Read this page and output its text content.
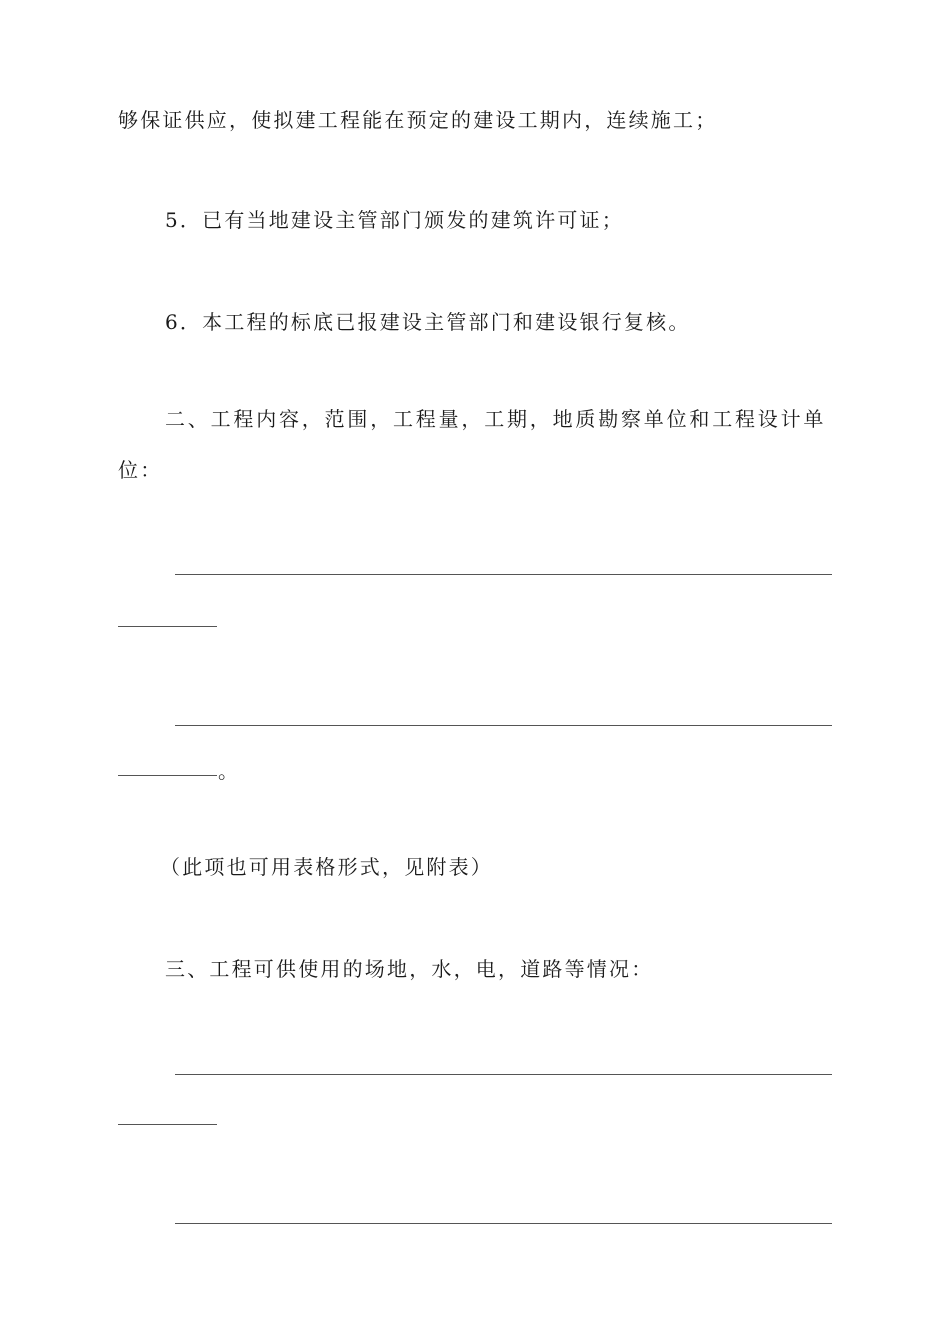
够保证供应，使拟建工程能在预定的建设工期内，连续施工；
5．已有当地建设主管部门颁发的建筑许可证；
6．本工程的标底已报建设主管部门和建设银行复核。
二、工程内容，范围，工程量，工期，地质勘察单位和工程设计单
位：
。
（此项也可用表格形式，见附表）
三、工程可供使用的场地，水，电，道路等情况：
